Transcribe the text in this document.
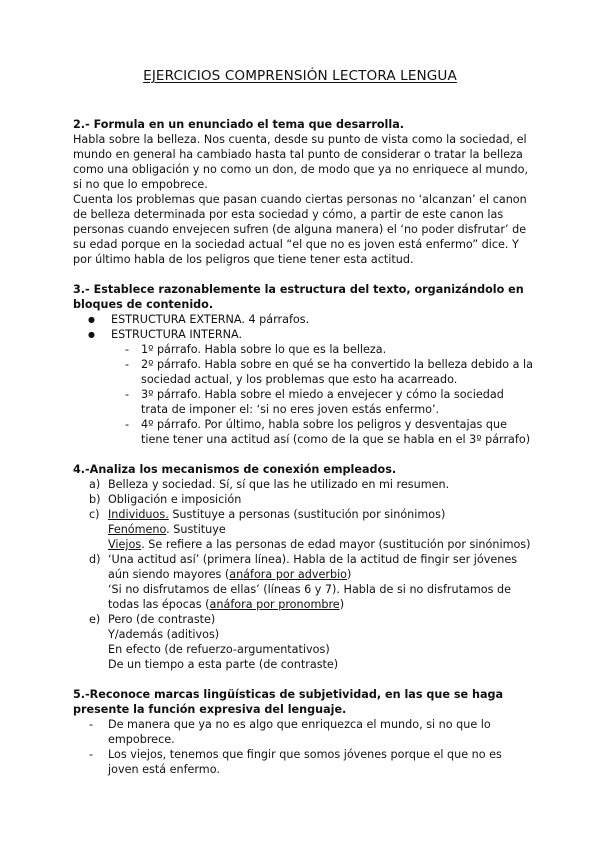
EJERCICIOS COMPRENSIÓN LECTORA LENGUA

2.- Formula en un enunciado el tema que desarrolla.

Habla sobre la belleza. Nos cuenta, desde su punto de vista como la sociedad, el mundo en general ha cambiado hasta tal punto de considerar o tratar la belleza como una obligación y no como un don, de modo que ya no enriquece al mundo, si no que lo empobrece.

Cuenta los problemas que pasan cuando ciertas personas no ‘alcanzan’ el canon de belleza determinada por esta sociedad y cómo, a partir de este canon las personas cuando envejecen sufren (de alguna manera) el ‘no poder disfrutar’ de su edad porque en la sociedad actual “el que no es joven está enfermo” dice. Y por último habla de los peligros que tiene tener esta actitud.

3.- Establece razonablemente la estructura del texto, organizándolo en bloques de contenido.

● ESTRUCTURA EXTERNA. 4 párrafos.
● ESTRUCTURA INTERNA.
- 1º párrafo. Habla sobre lo que es la belleza.
- 2º párrafo. Habla sobre en qué se ha convertido la belleza debido a la sociedad actual, y los problemas que esto ha acarreado.
- 3º párrafo. Habla sobre el miedo a envejecer y cómo la sociedad trata de imponer el: ‘si no eres joven estás enfermo’.
- 4º párrafo. Por último, habla sobre los peligros y desventajas que tiene tener una actitud así (como de la que se habla en el 3º párrafo)

4.-Analiza los mecanismos de conexión empleados.

a) Belleza y sociedad. Sí, sí que las he utilizado en mi resumen.
b) Obligación e imposición
c) Individuos. Sustituye a personas (sustitución por sinónimos)
Fenómeno. Sustituye
Viejos. Se refiere a las personas de edad mayor (sustitución por sinónimos)
d) ‘Una actitud así’ (primera línea). Habla de la actitud de fingir ser jóvenes aún siendo mayores (anáfora por adverbio)
‘Si no disfrutamos de ellas’ (líneas 6 y 7). Habla de si no disfrutamos de todas las épocas (anáfora por pronombre)
e) Pero (de contraste)
Y/además (aditivos)
En efecto (de refuerzo-argumentativos)
De un tiempo a esta parte (de contraste)

5.-Reconoce marcas lingüísticas de subjetividad, en las que se haga presente la función expresiva del lenguaje.

- De manera que ya no es algo que enriquezca el mundo, si no que lo empobrece.
- Los viejos, tenemos que fingir que somos jóvenes porque el que no es joven está enfermo.
